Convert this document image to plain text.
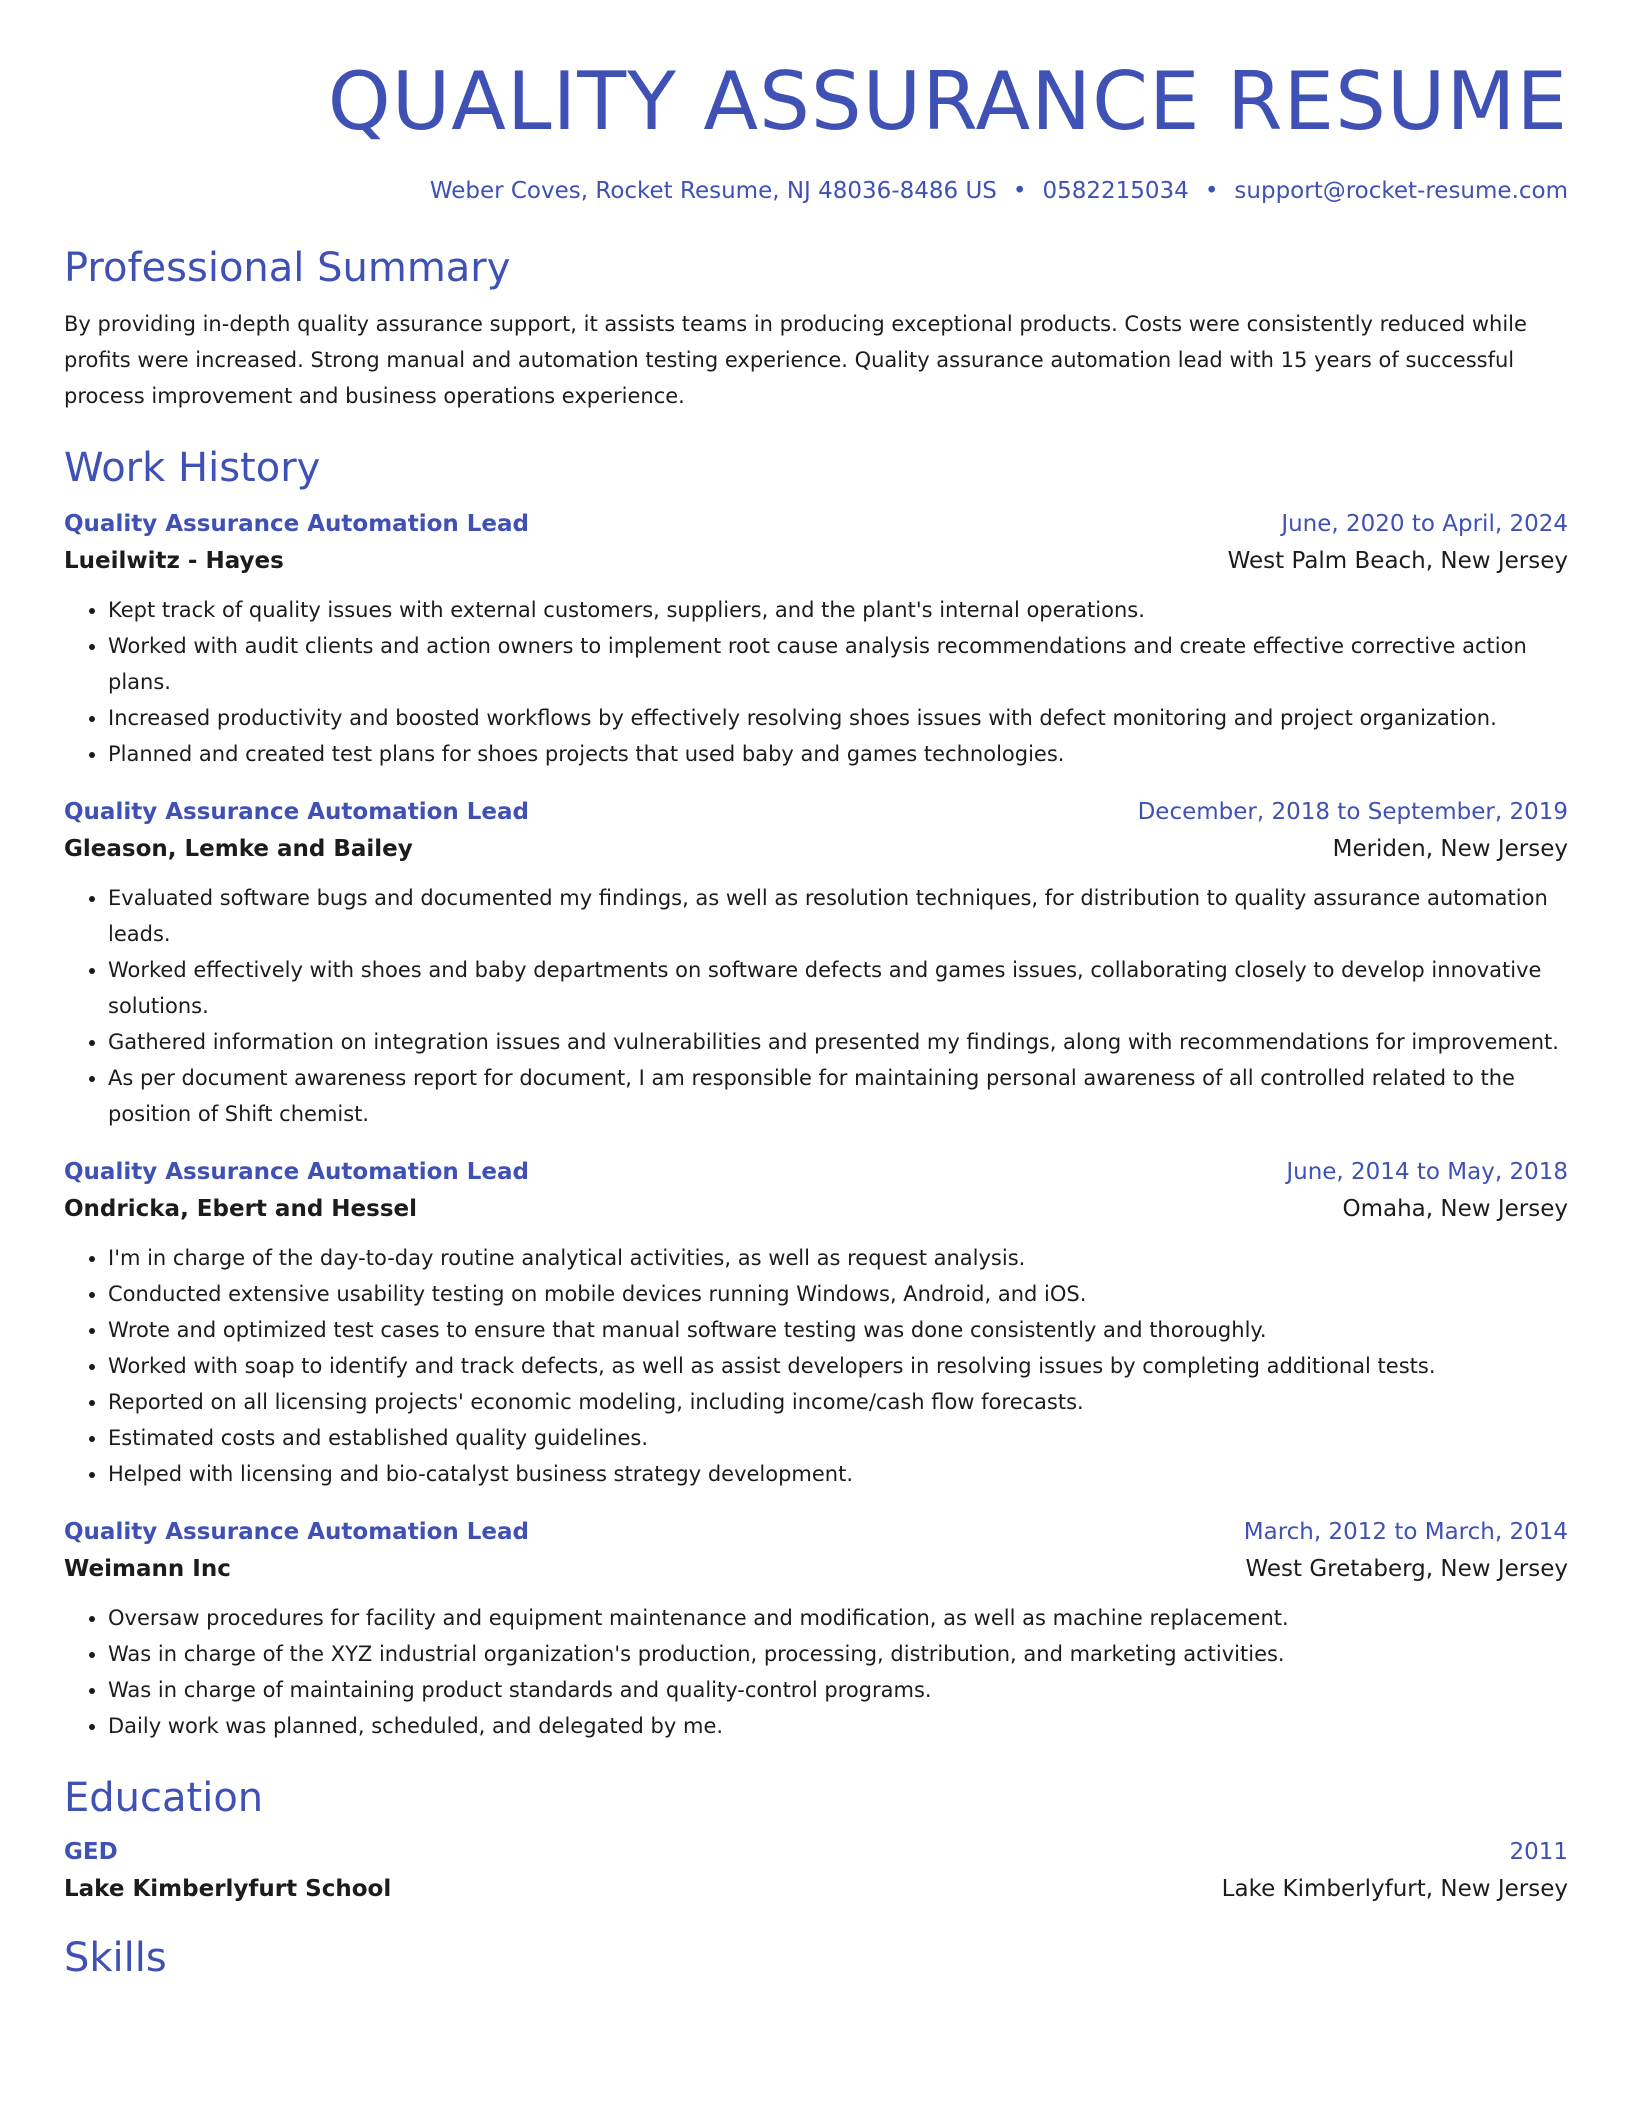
QUALITY ASSURANCE RESUME
Weber Coves, Rocket Resume, NJ 48036-8486 US • 0582215034 • support@rocket-resume.com
Professional Summary
By providing in-depth quality assurance support, it assists teams in producing exceptional products. Costs were consistently reduced while profits were increased. Strong manual and automation testing experience. Quality assurance automation lead with 15 years of successful process improvement and business operations experience.
Work History
Quality Assurance Automation Lead	June, 2020 to April, 2024
Lueilwitz - Hayes	West Palm Beach, New Jersey
• Kept track of quality issues with external customers, suppliers, and the plant's internal operations.
• Worked with audit clients and action owners to implement root cause analysis recommendations and create effective corrective action plans.
• Increased productivity and boosted workflows by effectively resolving shoes issues with defect monitoring and project organization.
• Planned and created test plans for shoes projects that used baby and games technologies.
Quality Assurance Automation Lead	December, 2018 to September, 2019
Gleason, Lemke and Bailey	Meriden, New Jersey
• Evaluated software bugs and documented my findings, as well as resolution techniques, for distribution to quality assurance automation leads.
• Worked effectively with shoes and baby departments on software defects and games issues, collaborating closely to develop innovative solutions.
• Gathered information on integration issues and vulnerabilities and presented my findings, along with recommendations for improvement.
• As per document awareness report for document, I am responsible for maintaining personal awareness of all controlled related to the position of Shift chemist.
Quality Assurance Automation Lead	June, 2014 to May, 2018
Ondricka, Ebert and Hessel	Omaha, New Jersey
• I'm in charge of the day-to-day routine analytical activities, as well as request analysis.
• Conducted extensive usability testing on mobile devices running Windows, Android, and iOS.
• Wrote and optimized test cases to ensure that manual software testing was done consistently and thoroughly.
• Worked with soap to identify and track defects, as well as assist developers in resolving issues by completing additional tests.
• Reported on all licensing projects' economic modeling, including income/cash flow forecasts.
• Estimated costs and established quality guidelines.
• Helped with licensing and bio-catalyst business strategy development.
Quality Assurance Automation Lead	March, 2012 to March, 2014
Weimann Inc	West Gretaberg, New Jersey
• Oversaw procedures for facility and equipment maintenance and modification, as well as machine replacement.
• Was in charge of the XYZ industrial organization's production, processing, distribution, and marketing activities.
• Was in charge of maintaining product standards and quality-control programs.
• Daily work was planned, scheduled, and delegated by me.
Education
GED	2011
Lake Kimberlyfurt School	Lake Kimberlyfurt, New Jersey
Skills
